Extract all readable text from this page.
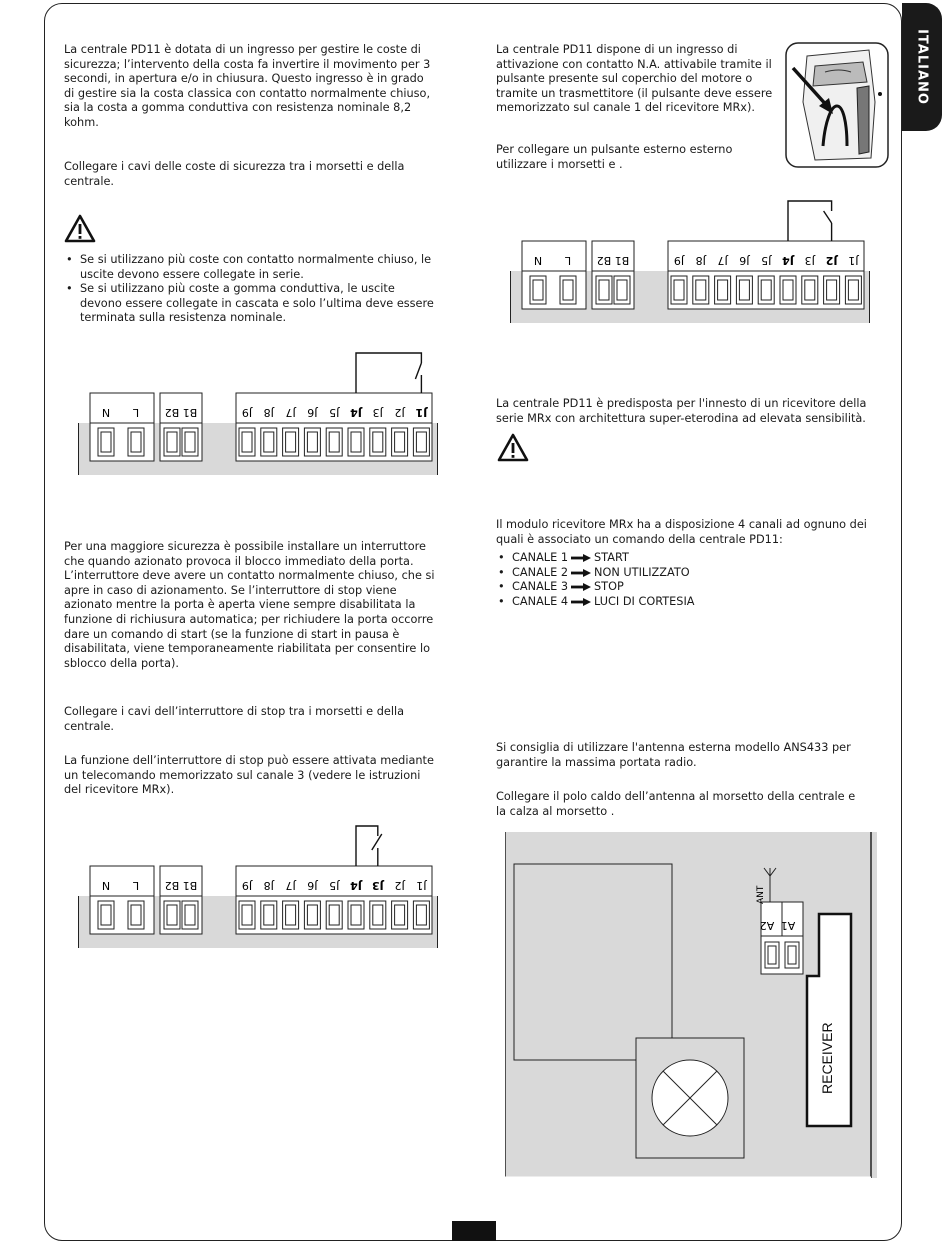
ITALIANO

La centrale PD11 è dotata di un ingresso per gestire le coste di sicurezza; l’intervento della costa fa invertire il movimento per 3 secondi, in apertura e/o in chiusura. Questo ingresso è in grado di gestire sia la costa classica con contatto normalmente chiuso, sia la costa a gomma conduttiva con resistenza nominale 8,2 kohm.

Collegare i cavi delle coste di sicurezza tra i morsetti e della centrale.

• Se si utilizzano più coste con contatto normalmente chiuso, le uscite devono essere collegate in serie.
• Se si utilizzano più coste a gomma conduttiva, le uscite devono essere collegate in cascata e solo l’ultima deve essere terminata sulla resistenza nominale.
N L B2 B1	J9 J8 J7 J6 J5 J4 J3 J2 J1

Per una maggiore sicurezza è possibile installare un interruttore che quando azionato provoca il blocco immediato della porta. L’interruttore deve avere un contatto normalmente chiuso, che si apre in caso di azionamento. Se l’interruttore di stop viene azionato mentre la porta è aperta viene sempre disabilitata la funzione di richiusura automatica; per richiudere la porta occorre dare un comando di start (se la funzione di start in pausa è disabilitata, viene temporaneamente riabilitata per consentire lo sblocco della porta).

Collegare i cavi dell’interruttore di stop tra i morsetti e della centrale.

La funzione dell’interruttore di stop può essere attivata mediante un telecomando memorizzato sul canale 3 (vedere le istruzioni del ricevitore MRx).

N L B2 B1	J9 J8 J7 J6 J5 J4 J3 J2 J1

La centrale PD11 dispone di un ingresso di attivazione con contatto N.A. attivabile tramite il pulsante presente sul coperchio del motore o tramite un trasmettitore (il pulsante deve essere memorizzato sul canale 1 del ricevitore MRx).

Per collegare un pulsante esterno esterno utilizzare i morsetti e .

N L B2 B1	J9 J8 J7 J6 J5 J4 J3 J2 J1

La centrale PD11 è predisposta per l'innesto di un ricevitore della serie MRx con architettura super-eterodina ad elevata sensibilità.

Il modulo ricevitore MRx ha a disposizione 4 canali ad ognuno dei quali è associato un comando della centrale PD11:

• CANALE 1 START
• CANALE 2 NON UTILIZZATO
• CANALE 3 STOP
• CANALE 4 LUCI DI CORTESIA

Si consiglia di utilizzare l'antenna esterna modello ANS433 per garantire la massima portata radio.

Collegare il polo caldo dell’antenna al morsetto della centrale e la calza al morsetto .

RECEIVER
A1
A2
ANT
